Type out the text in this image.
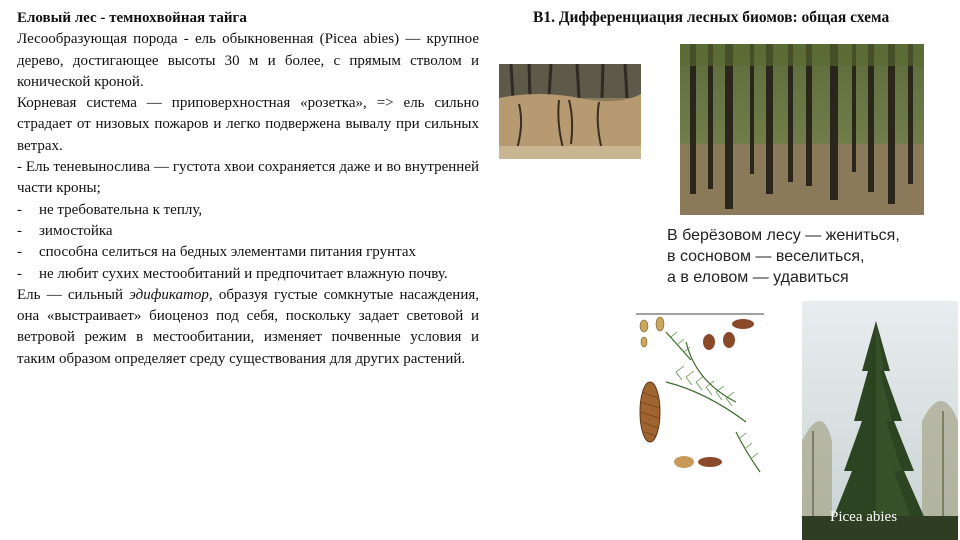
Еловый лес - темнохвойная тайга

Лесообразующая порода - ель обыкновенная (Picea abies) — крупное дерево, достигающее высоты 30 м и более, с прямым стволом и конической кроной.

Корневая система — приповерхностная «розетка», => ель сильно страдает от низовых пожаров и легко подвержена вывалу при сильных ветрах.

- Ель теневынослива — густота хвои сохраняется даже и во внутренней части кроны;

- не требовательна к теплу,
- зимостойка
- способна селиться на бедных элементами питания грунтах
- не любит сухих местообитаний и предпочитает влажную почву.

Ель — сильный эдификатор, образуя густые сомкнутые насаждения, она «выстраивает» биоценоз под себя, поскольку задает световой и ветровой режим в местообитании, изменяет почвенные условия и таким образом определяет среду существования для других растений.

В1. Дифференциация лесных биомов: общая схема
В берёзовом лесу — жениться,
в сосновом — веселиться,
а в еловом — удавиться
Picea abies
